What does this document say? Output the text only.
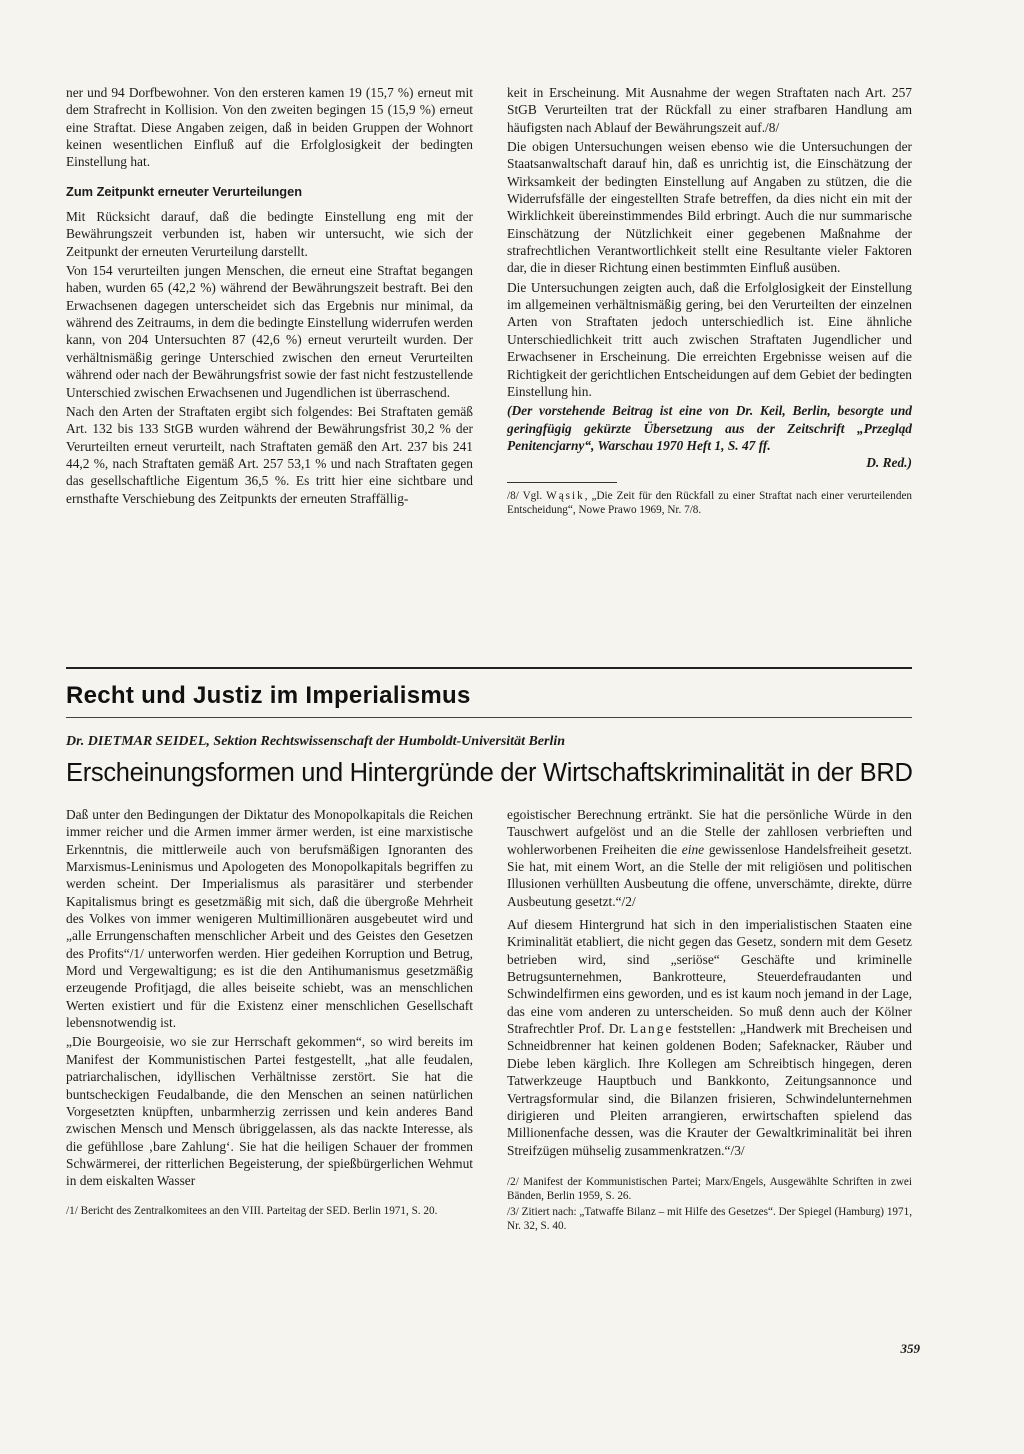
ner und 94 Dorfbewohner. Von den ersteren kamen 19 (15,7 %) erneut mit dem Strafrecht in Kollision. Von den zweiten begingen 15 (15,9 %) erneut eine Straftat. Diese Angaben zeigen, daß in beiden Gruppen der Wohnort keinen wesentlichen Einfluß auf die Erfolglosigkeit der bedingten Einstellung hat.

Zum Zeitpunkt erneuter Verurteilungen

Mit Rücksicht darauf, daß die bedingte Einstellung eng mit der Bewährungszeit verbunden ist, haben wir untersucht, wie sich der Zeitpunkt der erneuten Verurteilung darstellt.

Von 154 verurteilten jungen Menschen, die erneut eine Straftat begangen haben, wurden 65 (42,2 %) während der Bewährungszeit bestraft. Bei den Erwachsenen dagegen unterscheidet sich das Ergebnis nur minimal, da während des Zeitraums, in dem die bedingte Einstellung widerrufen werden kann, von 204 Untersuchten 87 (42,6 %) erneut verurteilt wurden. Der verhältnismäßig geringe Unterschied zwischen den erneut Verurteilten während oder nach der Bewährungsfrist sowie der fast nicht festzustellende Unterschied zwischen Erwachsenen und Jugendlichen ist überraschend.

Nach den Arten der Straftaten ergibt sich folgendes: Bei Straftaten gemäß Art. 132 bis 133 StGB wurden während der Bewährungsfrist 30,2 % der Verurteilten erneut verurteilt, nach Straftaten gemäß den Art. 237 bis 241 44,2 %, nach Straftaten gemäß Art. 257 53,1 % und nach Straftaten gegen das gesellschaftliche Eigentum 36,5 %. Es tritt hier eine sichtbare und ernsthafte Verschiebung des Zeitpunkts der erneuten Straffällig-

keit in Erscheinung. Mit Ausnahme der wegen Straftaten nach Art. 257 StGB Verurteilten trat der Rückfall zu einer strafbaren Handlung am häufigsten nach Ablauf der Bewährungszeit auf./8/

Die obigen Untersuchungen weisen ebenso wie die Untersuchungen der Staatsanwaltschaft darauf hin, daß es unrichtig ist, die Einschätzung der Wirksamkeit der bedingten Einstellung auf Angaben zu stützen, die die Widerrufsfälle der eingestellten Strafe betreffen, da dies nicht ein mit der Wirklichkeit übereinstimmendes Bild erbringt. Auch die nur summarische Einschätzung der Nützlichkeit einer gegebenen Maßnahme der strafrechtlichen Verantwortlichkeit stellt eine Resultante vieler Faktoren dar, die in dieser Richtung einen bestimmten Einfluß ausüben.

Die Untersuchungen zeigten auch, daß die Erfolglosigkeit der Einstellung im allgemeinen verhältnismäßig gering, bei den Verurteilten der einzelnen Arten von Straftaten jedoch unterschiedlich ist. Eine ähnliche Unterschiedlichkeit tritt auch zwischen Straftaten Jugendlicher und Erwachsener in Erscheinung. Die erreichten Ergebnisse weisen auf die Richtigkeit der gerichtlichen Entscheidungen auf dem Gebiet der bedingten Einstellung hin.

(Der vorstehende Beitrag ist eine von Dr. Keil, Berlin, besorgte und geringfügig gekürzte Übersetzung aus der Zeitschrift „Przegląd Penitencjarny“, Warschau 1970 Heft 1, S. 47 ff.
D. Red.)

/8/ Vgl. Wąsik, „Die Zeit für den Rückfall zu einer Straftat nach einer verurteilenden Entscheidung“, Nowe Prawo 1969, Nr. 7/8.

Recht und Justiz im Imperialismus
Dr. DIETMAR SEIDEL, Sektion Rechtswissenschaft der Humboldt-Universität Berlin
Erscheinungsformen und Hintergründe der Wirtschaftskriminalität in der BRD

Daß unter den Bedingungen der Diktatur des Monopolkapitals die Reichen immer reicher und die Armen immer ärmer werden, ist eine marxistische Erkenntnis, die mittlerweile auch von berufsmäßigen Ignoranten des Marxismus-Leninismus und Apologeten des Monopolkapitals begriffen zu werden scheint. Der Imperialismus als parasitärer und sterbender Kapitalismus bringt es gesetzmäßig mit sich, daß die übergroße Mehrheit des Volkes von immer wenigeren Multimillionären ausgebeutet wird und „alle Errungenschaften menschlicher Arbeit und des Geistes den Gesetzen des Profits“/1/ unterworfen werden. Hier gedeihen Korruption und Betrug, Mord und Vergewaltigung; es ist die den Antihumanismus gesetzmäßig erzeugende Profitjagd, die alles beiseite schiebt, was an menschlichen Werten existiert und für die Existenz einer menschlichen Gesellschaft lebensnotwendig ist.

„Die Bourgeoisie, wo sie zur Herrschaft gekommen“, so wird bereits im Manifest der Kommunistischen Partei festgestellt, „hat alle feudalen, patriarchalischen, idyllischen Verhältnisse zerstört. Sie hat die buntscheckigen Feudalbande, die den Menschen an seinen natürlichen Vorgesetzten knüpften, unbarmherzig zerrissen und kein anderes Band zwischen Mensch und Mensch übriggelassen, als das nackte Interesse, als die gefühllose ‚bare Zahlung‘. Sie hat die heiligen Schauer der frommen Schwärmerei, der ritterlichen Begeisterung, der spießbürgerlichen Wehmut in dem eiskalten Wasser

/1/ Bericht des Zentralkomitees an den VIII. Parteitag der SED. Berlin 1971, S. 20.

egoistischer Berechnung ertränkt. Sie hat die persönliche Würde in den Tauschwert aufgelöst und an die Stelle der zahllosen verbrieften und wohlerworbenen Freiheiten die eine gewissenlose Handelsfreiheit gesetzt. Sie hat, mit einem Wort, an die Stelle der mit religiösen und politischen Illusionen verhüllten Ausbeutung die offene, unverschämte, direkte, dürre Ausbeutung gesetzt.“/2/

Auf diesem Hintergrund hat sich in den imperialistischen Staaten eine Kriminalität etabliert, die nicht gegen das Gesetz, sondern mit dem Gesetz betrieben wird, sind „seriöse“ Geschäfte und kriminelle Betrugsunternehmen, Bankrotteure, Steuerdefraudanten und Schwindelfirmen eins geworden, und es ist kaum noch jemand in der Lage, das eine vom anderen zu unterscheiden. So muß denn auch der Kölner Strafrechtler Prof. Dr. Lange feststellen: „Handwerk mit Brecheisen und Schneidbrenner hat keinen goldenen Boden; Safeknacker, Räuber und Diebe leben kärglich. Ihre Kollegen am Schreibtisch hingegen, deren Tatwerkzeuge Hauptbuch und Bankkonto, Zeitungsannonce und Vertragsformular sind, die Bilanzen frisieren, Schwindelunternehmen dirigieren und Pleiten arrangieren, erwirtschaften spielend das Millionenfache dessen, was die Krauter der Gewaltkriminalität bei ihren Streifzügen mühselig zusammenkratzen.“/3/

/2/ Manifest der Kommunistischen Partei; Marx/Engels, Ausgewählte Schriften in zwei Bänden, Berlin 1959, S. 26.

/3/ Zitiert nach: „Tatwaffe Bilanz – mit Hilfe des Gesetzes“. Der Spiegel (Hamburg) 1971, Nr. 32, S. 40.

359
